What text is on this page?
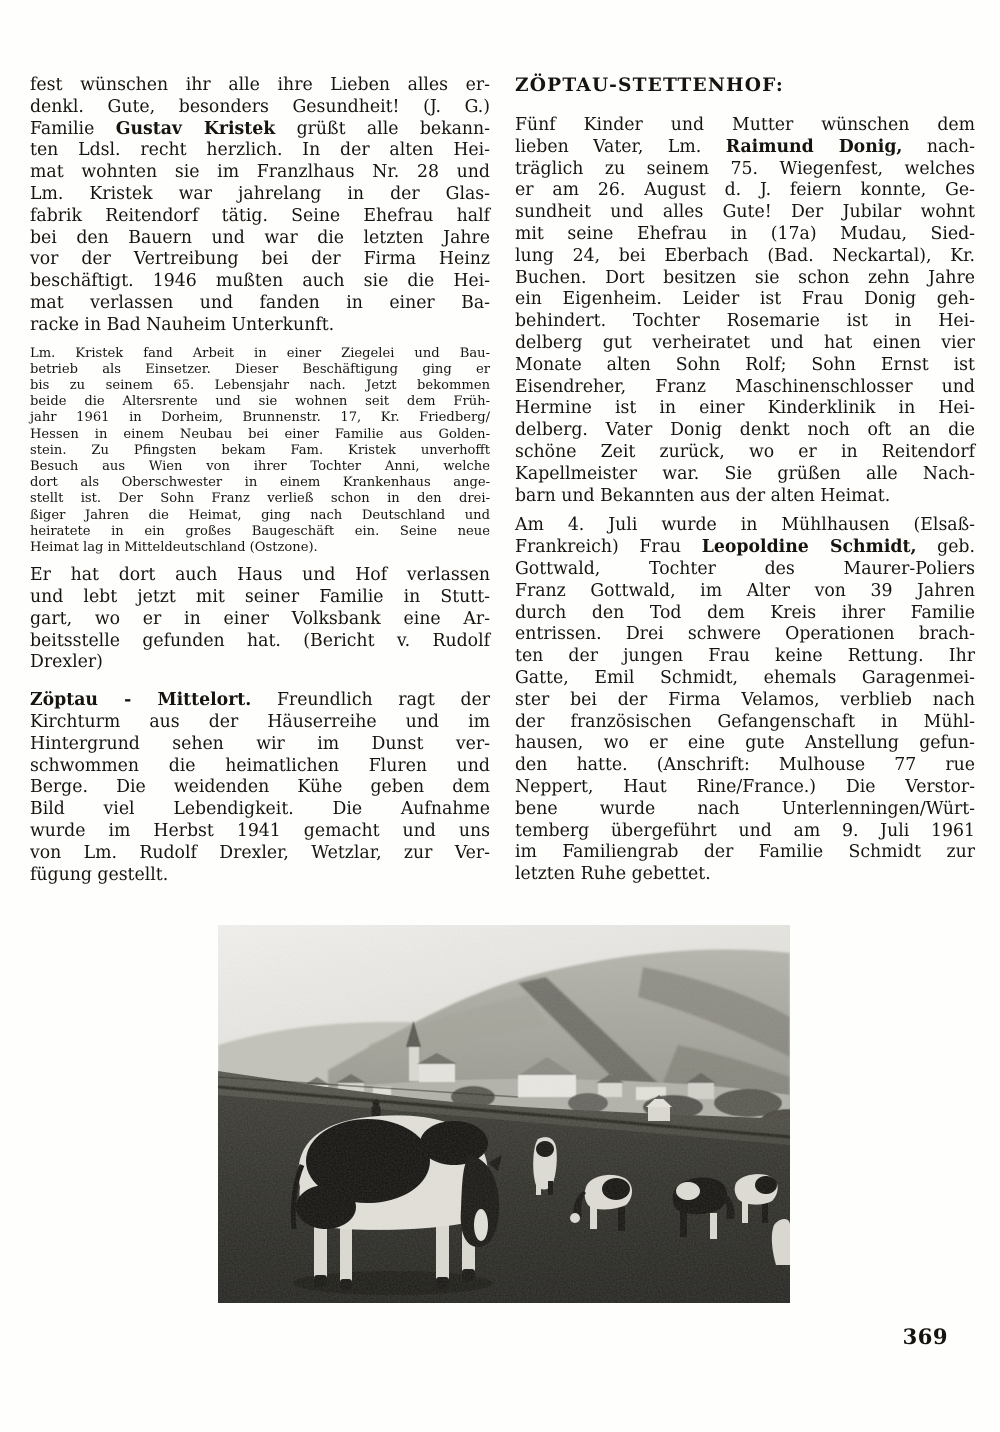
fest wünschen ihr alle ihre Lieben alles er-
denkl. Gute, besonders Gesundheit! (J. G.)
Familie Gustav Kristek grüßt alle bekann-
ten Ldsl. recht herzlich. In der alten Hei-
mat wohnten sie im Franzlhaus Nr. 28 und
Lm. Kristek war jahrelang in der Glas-
fabrik Reitendorf tätig. Seine Ehefrau half
bei den Bauern und war die letzten Jahre
vor der Vertreibung bei der Firma Heinz
beschäftigt. 1946 mußten auch sie die Hei-
mat verlassen und fanden in einer Ba-
racke in Bad Nauheim Unterkunft.
Lm. Kristek fand Arbeit in einer Ziegelei und Bau-
betrieb als Einsetzer. Dieser Beschäftigung ging er
bis zu seinem 65. Lebensjahr nach. Jetzt bekommen
beide die Altersrente und sie wohnen seit dem Früh-
jahr 1961 in Dorheim, Brunnenstr. 17, Kr. Friedberg/
Hessen in einem Neubau bei einer Familie aus Golden-
stein. Zu Pfingsten bekam Fam. Kristek unverhofft
Besuch aus Wien von ihrer Tochter Anni, welche
dort als Oberschwester in einem Krankenhaus ange-
stellt ist. Der Sohn Franz verließ schon in den drei-
ßiger Jahren die Heimat, ging nach Deutschland und
heiratete in ein großes Baugeschäft ein. Seine neue
Heimat lag in Mitteldeutschland (Ostzone).
Er hat dort auch Haus und Hof verlassen
und lebt jetzt mit seiner Familie in Stutt-
gart, wo er in einer Volksbank eine Ar-
beitsstelle gefunden hat. (Bericht v. Rudolf
Drexler)
Zöptau - Mittelort. Freundlich ragt der
Kirchturm aus der Häuserreihe und im
Hintergrund sehen wir im Dunst ver-
schwommen die heimatlichen Fluren und
Berge. Die weidenden Kühe geben dem
Bild viel Lebendigkeit. Die Aufnahme
wurde im Herbst 1941 gemacht und uns
von Lm. Rudolf Drexler, Wetzlar, zur Ver-
fügung gestellt.
ZÖPTAU-STETTENHOF:
Fünf Kinder und Mutter wünschen dem
lieben Vater, Lm. Raimund Donig, nach-
träglich zu seinem 75. Wiegenfest, welches
er am 26. August d. J. feiern konnte, Ge-
sundheit und alles Gute! Der Jubilar wohnt
mit seine Ehefrau in (17a) Mudau, Sied-
lung 24, bei Eberbach (Bad. Neckartal), Kr.
Buchen. Dort besitzen sie schon zehn Jahre
ein Eigenheim. Leider ist Frau Donig geh-
behindert. Tochter Rosemarie ist in Hei-
delberg gut verheiratet und hat einen vier
Monate alten Sohn Rolf; Sohn Ernst ist
Eisendreher, Franz Maschinenschlosser und
Hermine ist in einer Kinderklinik in Hei-
delberg. Vater Donig denkt noch oft an die
schöne Zeit zurück, wo er in Reitendorf
Kapellmeister war. Sie grüßen alle Nach-
barn und Bekannten aus der alten Heimat.
Am 4. Juli wurde in Mühlhausen (Elsaß-
Frankreich) Frau Leopoldine Schmidt, geb.
Gottwald, Tochter des Maurer-Poliers
Franz Gottwald, im Alter von 39 Jahren
durch den Tod dem Kreis ihrer Familie
entrissen. Drei schwere Operationen brach-
ten der jungen Frau keine Rettung. Ihr
Gatte, Emil Schmidt, ehemals Garagenmei-
ster bei der Firma Velamos, verblieb nach
der französischen Gefangenschaft in Mühl-
hausen, wo er eine gute Anstellung gefun-
den hatte. (Anschrift: Mulhouse 77 rue
Neppert, Haut Rine/France.) Die Verstor-
bene wurde nach Unterlenningen/Würt-
temberg übergeführt und am 9. Juli 1961
im Familiengrab der Familie Schmidt zur
letzten Ruhe gebettet.
369
